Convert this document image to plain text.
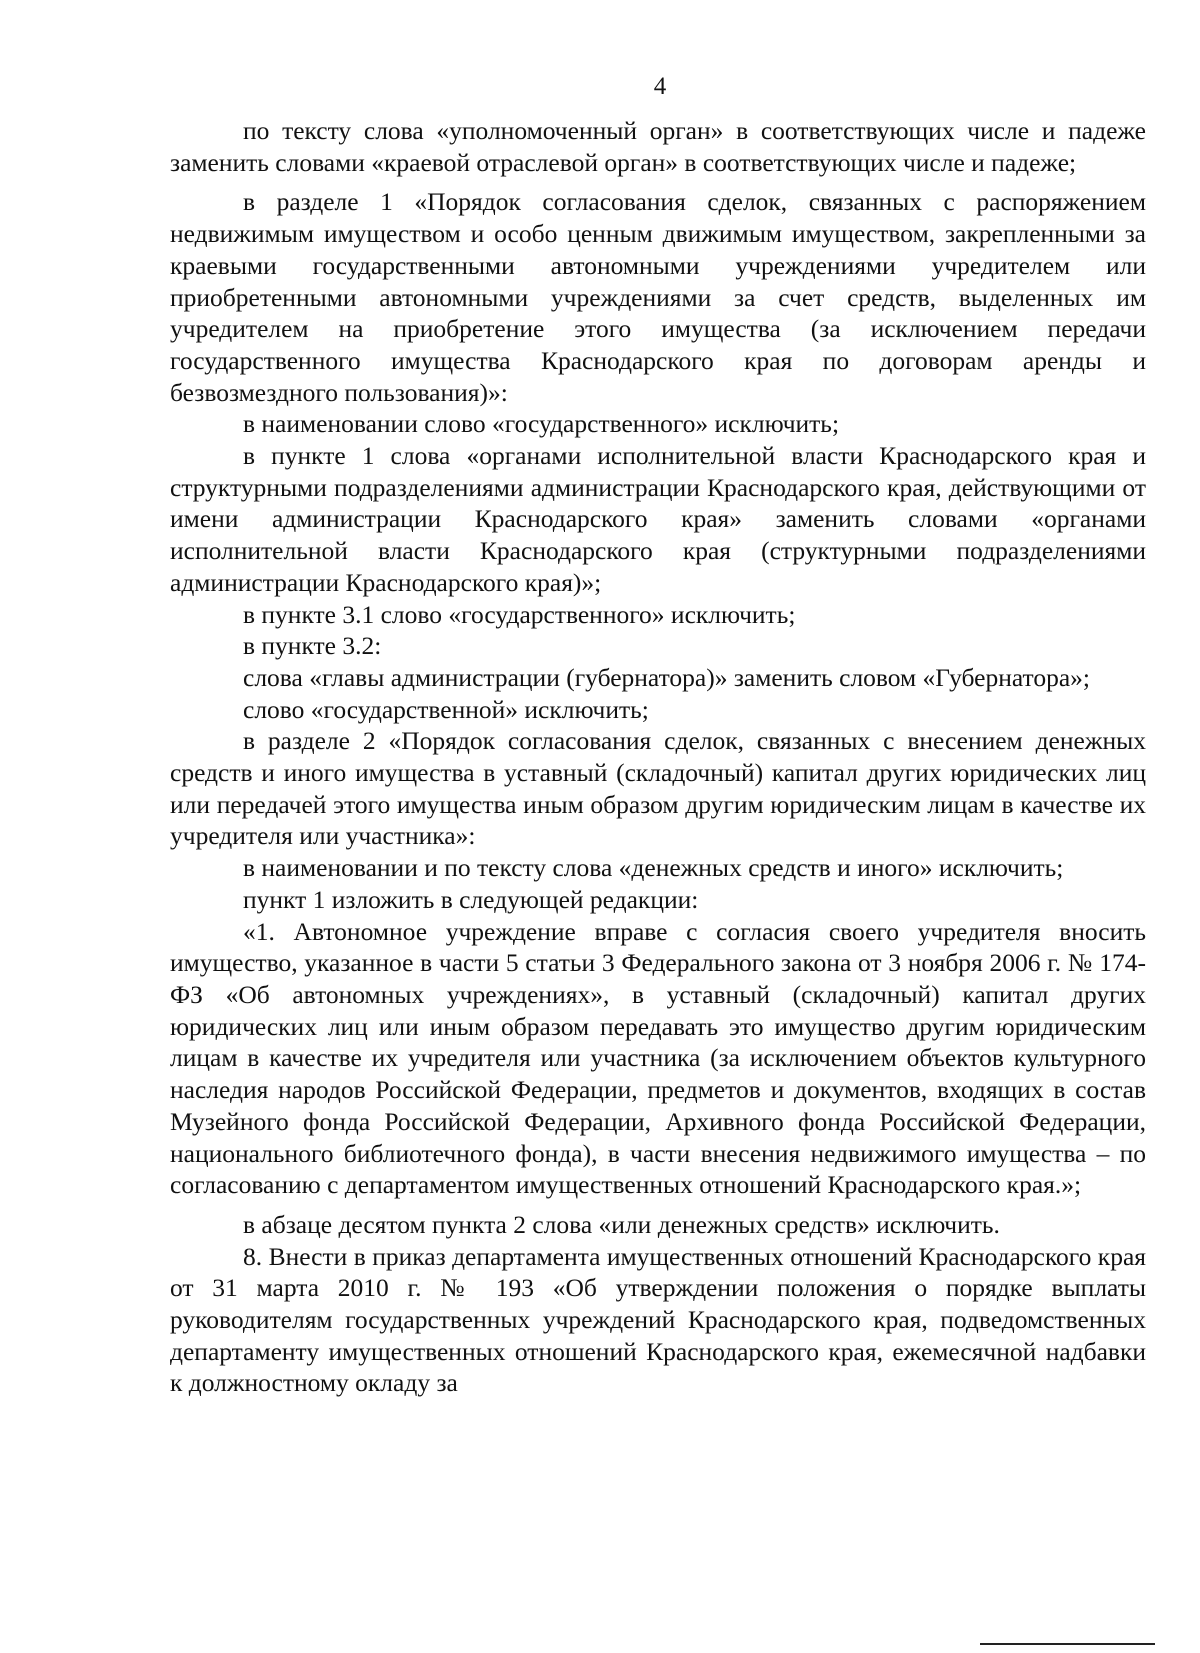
4

по тексту слова «уполномоченный орган» в соответствующих числе и падеже заменить словами «краевой отраслевой орган» в соответствующих числе и падеже;

в разделе 1 «Порядок согласования сделок, связанных с распоряжением недвижимым имуществом и особо ценным движимым имуществом, закрепленными за краевыми государственными автономными учреждениями учредителем или приобретенными автономными учреждениями за счет средств, выделенных им учредителем на приобретение этого имущества (за исключением передачи государственного имущества Краснодарского края по договорам аренды и безвозмездного пользования)»:

в наименовании слово «государственного» исключить;

в пункте 1 слова «органами исполнительной власти Краснодарского края и структурными подразделениями администрации Краснодарского края, действующими от имени администрации Краснодарского края» заменить словами «органами исполнительной власти Краснодарского края (структурными подразделениями администрации Краснодарского края)»;

в пункте 3.1 слово «государственного» исключить;

в пункте 3.2:

слова «главы администрации (губернатора)» заменить словом «Губернатора»;

слово «государственной» исключить;

в разделе 2 «Порядок согласования сделок, связанных с внесением денежных средств и иного имущества в уставный (складочный) капитал других юридических лиц или передачей этого имущества иным образом другим юридическим лицам в качестве их учредителя или участника»:

в наименовании и по тексту слова «денежных средств и иного» исключить;

пункт 1 изложить в следующей редакции:

«1. Автономное учреждение вправе с согласия своего учредителя вносить имущество, указанное в части 5 статьи 3 Федерального закона от 3 ноября 2006 г. № 174-ФЗ «Об автономных учреждениях», в уставный (складочный) капитал других юридических лиц или иным образом передавать это имущество другим юридическим лицам в качестве их учредителя или участника (за исключением объектов культурного наследия народов Российской Федерации, предметов и документов, входящих в состав Музейного фонда Российской Федерации, Архивного фонда Российской Федерации, национального библиотечного фонда), в части внесения недвижимого имущества – по согласованию с департаментом имущественных отношений Краснодарского края.»;

в абзаце десятом пункта 2 слова «или денежных средств» исключить.

8. Внести в приказ департамента имущественных отношений Краснодарского края от 31 марта 2010 г. № 193 «Об утверждении положения о порядке выплаты руководителям государственных учреждений Краснодарского края, подведомственных департаменту имущественных отношений Краснодарского края, ежемесячной надбавки к должностному окладу за
